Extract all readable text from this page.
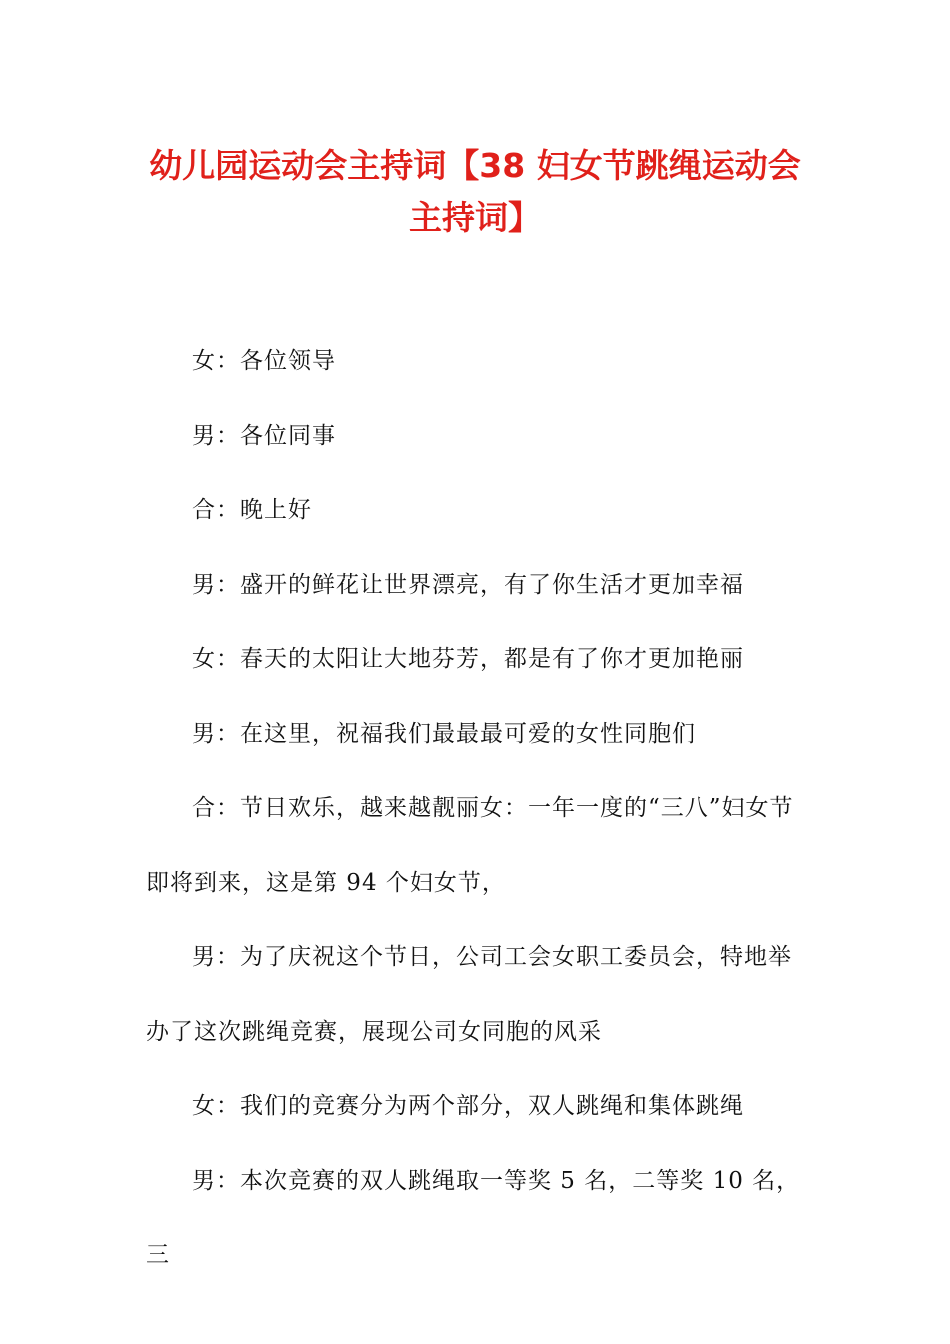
幼儿园运动会主持词【38 妇女节跳绳运动会
主持词】

女：各位领导

男：各位同事

合：晚上好

男：盛开的鲜花让世界漂亮，有了你生活才更加幸福

女：春天的太阳让大地芬芳，都是有了你才更加艳丽

男：在这里，祝福我们最最最可爱的女性同胞们

合：节日欢乐，越来越靓丽女：一年一度的“三八”妇女节即将到来，这是第 94 个妇女节，

男：为了庆祝这个节日，公司工会女职工委员会，特地举办了这次跳绳竞赛，展现公司女同胞的风采

女：我们的竞赛分为两个部分，双人跳绳和集体跳绳

男：本次竞赛的双人跳绳取一等奖 5 名，二等奖 10 名，三
